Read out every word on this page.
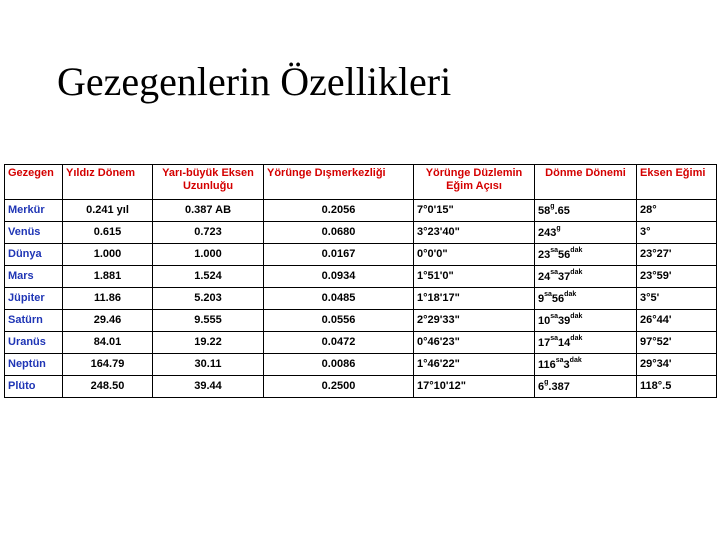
Gezegenlerin Özellikleri
Gezegen	Yıldız Dönem	Yarı-büyük Eksen Uzunluğu	Yörünge Dışmerkezliği	Yörünge Düzlemin Eğim Açısı	Dönme Dönemi	Eksen Eğimi
Merkür	0.241 yıl	0.387 AB	0.2056	7°0'15"	58$^g$.65	28°
Venüs	0.615	0.723	0.0680	3°23'40"	243$^g$	3°
Dünya	1.000	1.000	0.0167	0°0'0"	$23^{sa}56^{dak}$	23°27'
Mars	1.881	1.524	0.0934	1°51'0"	$24^{sa}37^{dak}$	23°59'
Jüpiter	11.86	5.203	0.0485	1°18'17"	$9^{sa}56^{dak}$	3°5'
Satürn	29.46	9.555	0.0556	2°29'33"	$10^{sa}39^{dak}$	26°44'
Uranüs	84.01	19.22	0.0472	0°46'23"	$17^{sa}14^{dak}$	97°52'
Neptün	164.79	30.11	0.0086	1°46'22"	$116^{sa}3^{dak}$	29°34'
Plüto	248.50	39.44	0.2500	17°10'12"	6$^g$.387	118°.5
